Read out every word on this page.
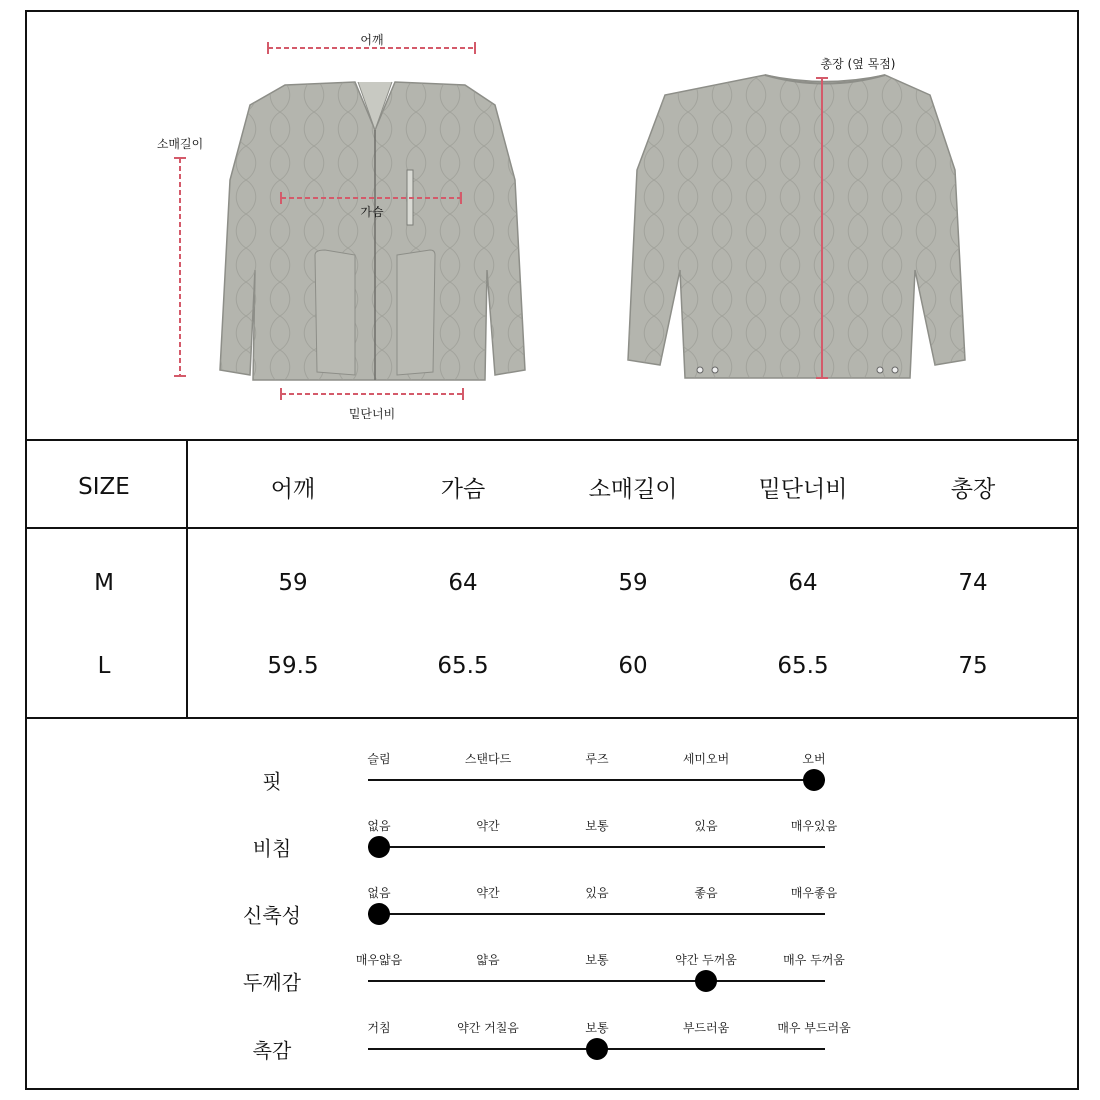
어깨
소매길이
가슴
밑단너비
총장 (옆 목점)
SIZE	어깨	가슴	소매길이	밑단너비	총장
M	59	64	59	64	74
L	59.5	65.5	60	65.5	75
핏
슬림	스탠다드	루즈	세미오버	오버
비침
없음	약간	보통	있음	매우있음
신축성
없음	약간	있음	좋음	매우좋음
두께감
매우얇음	얇음	보통	약간 두꺼움	매우 두꺼움
촉감
거침	약간 거칠음	보통	부드러움	매우 부드러움
